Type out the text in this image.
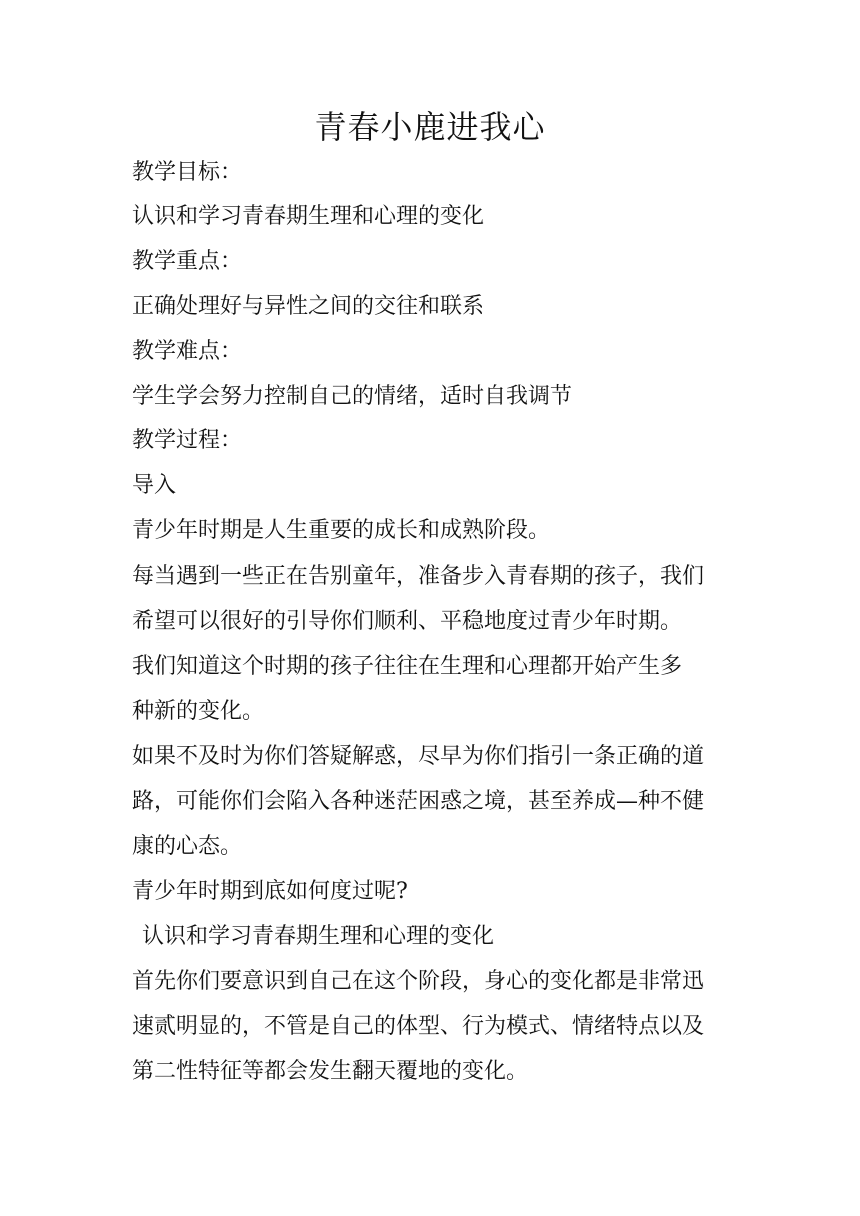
青春小鹿进我心

教学目标：

认识和学习青春期生理和心理的变化

教学重点：

正确处理好与异性之间的交往和联系

教学难点：

学生学会努力控制自己的情绪，适时自我调节

教学过程：

导入

青少年时期是人生重要的成长和成熟阶段。

每当遇到一些正在告别童年，准备步入青春期的孩子，我们

希望可以很好的引导你们顺利、平稳地度过青少年时期。

我们知道这个时期的孩子往往在生理和心理都开始产生多

种新的变化。

如果不及时为你们答疑解惑，尽早为你们指引一条正确的道

路，可能你们会陷入各种迷茫困惑之境，甚至养成—种不健

康的心态。

青少年时期到底如何度过呢?

认识和学习青春期生理和心理的变化

首先你们要意识到自己在这个阶段，身心的变化都是非常迅

速贰明显的，不管是自己的体型、行为模式、情绪特点以及

第二性特征等都会发生翻天覆地的变化。
